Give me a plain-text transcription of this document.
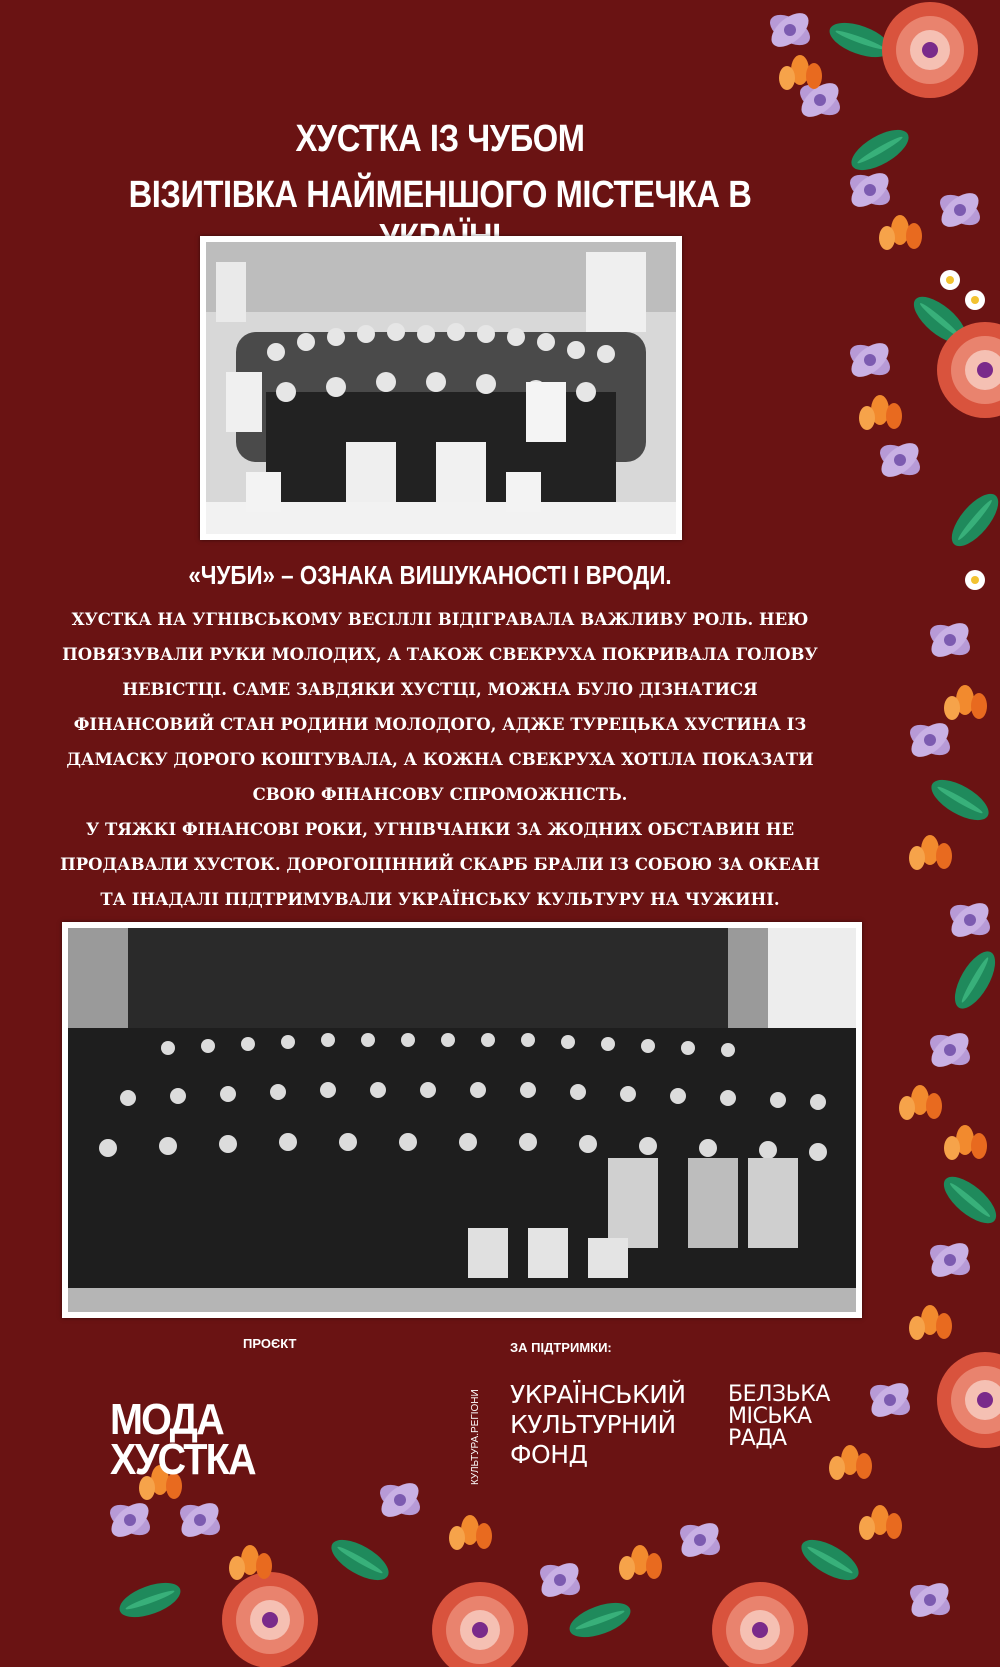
ХУСТКА ІЗ ЧУБОМ
ВІЗИТІВКА НАЙМЕНШОГО МІСТЕЧКА В
«ЧУБИ» – ОЗНАКА ВИШУКАНОСТІ І ВРОДИ.

ХУСТКА НА УГНІВСЬКОМУ ВЕСІЛЛІ ВІДІГРАВАЛА ВАЖЛИВУ РОЛЬ. НЕЮ ПОВЯЗУВАЛИ РУКИ МОЛОДИХ, А ТАКОЖ СВЕКРУХА ПОКРИВАЛА ГОЛОВУ НЕВІСТЦІ. САМЕ ЗАВДЯКИ ХУСТЦІ, МОЖНА БУЛО ДІЗНАТИСЯ ФІНАНСОВИЙ СТАН РОДИНИ МОЛОДОГО, АДЖЕ ТУРЕЦЬКА ХУСТИНА ІЗ ДАМАСКУ ДОРОГО КОШТУВАЛА, А КОЖНА СВЕКРУХА ХОТІЛА ПОКАЗАТИ СВОЮ ФІНАНСОВУ СПРОМОЖНІСТЬ.

У ТЯЖКІ ФІНАНСОВІ РОКИ, УГНІВЧАНКИ ЗА ЖОДНИХ ОБСТАВИН НЕ ПРОДАВАЛИ ХУСТОК. ДОРОГОЦІННИЙ СКАРБ БРАЛИ ІЗ СОБОЮ ЗА ОКЕАН ТА ІНАДАЛІ ПІДТРИМУВАЛИ УКРАЇНСЬКУ КУЛЬТУРУ НА ЧУЖИНІ.

ПРОЄКТ	ЗА ПІДТРИМКИ:
МОДА
ХУСТКА	КУЛЬТУРА.РЕГІОНИ УКРАЇНСЬКИЙ
КУЛЬТУРНИЙ
ФОНД
БЕЛЗЬКА
МІСЬКА
РАДА
